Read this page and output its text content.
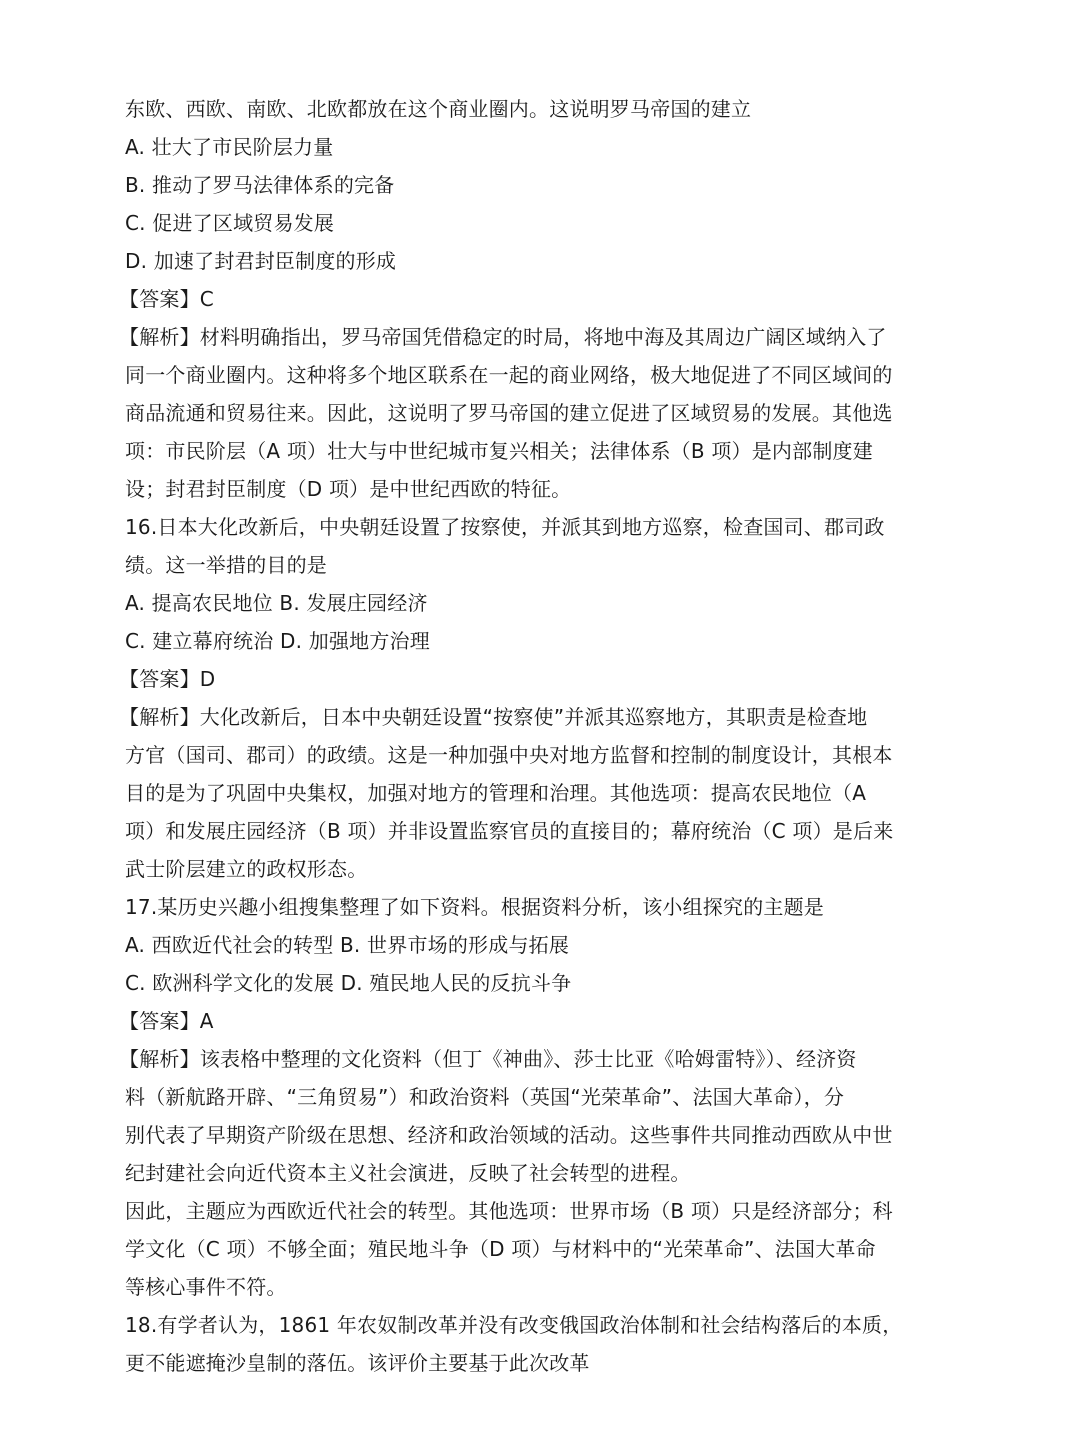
东欧、西欧、南欧、北欧都放在这个商业圈内。这说明罗马帝国的建立
A. 壮大了市民阶层力量
B. 推动了罗马法律体系的完备
C. 促进了区域贸易发展
D. 加速了封君封臣制度的形成
【答案】C
【解析】材料明确指出，罗马帝国凭借稳定的时局，将地中海及其周边广阔区域纳入了
同一个商业圈内。这种将多个地区联系在一起的商业网络，极大地促进了不同区域间的
商品流通和贸易往来。因此，这说明了罗马帝国的建立促进了区域贸易的发展。其他选
项：市民阶层（A 项）壮大与中世纪城市复兴相关；法律体系（B 项）是内部制度建
设；封君封臣制度（D 项）是中世纪西欧的特征。
16.日本大化改新后，中央朝廷设置了按察使，并派其到地方巡察，检查国司、郡司政
绩。这一举措的目的是
A. 提高农民地位 B. 发展庄园经济
C. 建立幕府统治 D. 加强地方治理
【答案】D
【解析】大化改新后，日本中央朝廷设置“按察使”并派其巡察地方，其职责是检查地
方官（国司、郡司）的政绩。这是一种加强中央对地方监督和控制的制度设计，其根本
目的是为了巩固中央集权，加强对地方的管理和治理。其他选项：提高农民地位（A
项）和发展庄园经济（B 项）并非设置监察官员的直接目的；幕府统治（C 项）是后来
武士阶层建立的政权形态。
17.某历史兴趣小组搜集整理了如下资料。根据资料分析，该小组探究的主题是
A. 西欧近代社会的转型 B. 世界市场的形成与拓展
C. 欧洲科学文化的发展 D. 殖民地人民的反抗斗争
【答案】A
【解析】该表格中整理的文化资料（但丁《神曲》、莎士比亚《哈姆雷特》）、经济资
料（新航路开辟、“三角贸易”）和政治资料（英国“光荣革命”、法国大革命），分
别代表了早期资产阶级在思想、经济和政治领域的活动。这些事件共同推动西欧从中世
纪封建社会向近代资本主义社会演进，反映了社会转型的进程。
因此，主题应为西欧近代社会的转型。其他选项：世界市场（B 项）只是经济部分；科
学文化（C 项）不够全面；殖民地斗争（D 项）与材料中的“光荣革命”、法国大革命
等核心事件不符。
18.有学者认为，1861 年农奴制改革并没有改变俄国政治体制和社会结构落后的本质，
更不能遮掩沙皇制的落伍。该评价主要基于此次改革
